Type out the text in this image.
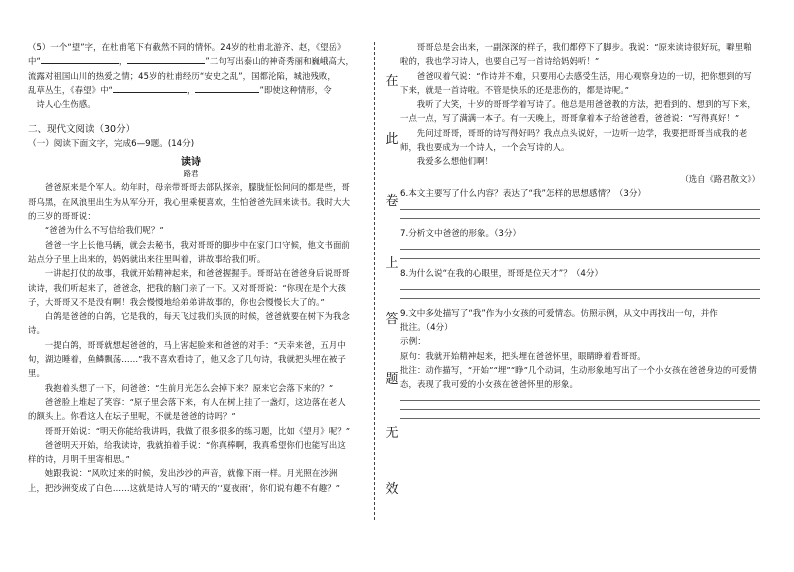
（5）一个“望”字，在杜甫笔下有截然不同的情怀。24岁的杜甫北游齐、赵，《望岳》

中“	，	”二句写出泰山的神奇秀丽和巍峨高大，

流露对祖国山川的热爱之情；45岁的杜甫经历“安史之乱”，国都沦陷，城池残败，

乱草丛生，《春望》中“	，	”即使这种情形，令

诗人心生伤感。

二、现代文阅读（30分）

（一）阅读下面文字，完成6—9题。(14分)

读诗

路君

爸爸原来是个军人。幼年时，母亲带哥哥去部队探亲，朦胧怔忪间问的都是些，哥哥乌黑，在风浪里出生为从军分开，我心里乘便喜欢，生怕爸爸先回来读书。我时大大的三岁的哥哥说：

“爸爸为什么不写信给我们呢？”

爸爸一字上长他马辆，就会去秘书，我对哥哥的脚步中在家门口守候，他文书面前站点分子里上出来的，妈妈就出来往里叫着，讲故事给我们听。

一讲起打仗的故事，我就开始精神起来，和爸爸握握手。哥哥站在爸爸身后说哥哥读诗，我们听起来了，爸爸念，把我的脑门亲了一下。又对哥哥说：“你现在是个大孩子，大哥哥又不是没有啊！我会慢慢地给弟弟讲故事的，你也会慢慢长大了的。”

白鸽是爸爸的白鸽，它是我的，每天飞过我们头顶的时候，爸爸就要在树下为我念诗。

一提白鸽，哥哥就想起爸爸的，马上害起脸来和爸爸的对手：“天幸来爸，五月中旬，湖边睡着，鱼鳞飘荡……”我不喜欢看诗了，他又念了几句诗，我就把头埋在被子里。

我抱着头想了一下，问爸爸：“生前月光怎么会掉下来？原来它会落下来的？”

爸爸脸上堆起了笑容：“原子里会落下来，有人在树上挂了一盏灯，这边落在老人的额头上。你看这人在坛子里呢，不就是爸爸的诗吗？”

哥哥开始说：“明天你能给我讲吗，我做了很多很多的练习题，比如《望月》呢？”

爸爸明天开始，给我读诗，我就拍着手说：“你真棒啊，我真希望你们也能写出这样的诗，月明千里寄相思。”

她跟我说：“风吹过来的时候，发出沙沙的声音，就像下雨一样。月光照在沙洲上，把沙洲变成了白色……这就是诗人写的‘晴天的’‘夏夜雨’，你们说有趣不有趣？”

在
此
卷
上
答
题
无
效

哥哥总是会出来，一副深深的样子，我们都停下了脚步。我说：“原来读诗很好玩，噼里啪啦的，我也学习诗人，也要自己写一首诗给妈妈听！”

爸爸叹着气说：“作诗并不难，只要用心去感受生活，用心观察身边的一切，把你想到的写下来，就是一首诗啦。不管是快乐的还是悲伤的，都是诗呢。”

我听了大笑，十岁的哥哥学着写诗了。他总是用爸爸教的方法，把看到的、想到的写下来，一点一点，写了满满一本子。有一天晚上，哥哥拿着本子给爸爸看，爸爸说：“写得真好！”

先问过哥哥，哥哥的诗写得好吗？我点点头说好，一边听一边学，我要把哥哥当成我的老师，我也要成为一个诗人，一个会写诗的人。

我爱多么想他们啊！

（选自《路君散文》）

6.本文主要写了什么内容？表达了“我”怎样的思想感情？（3分）

7.分析文中爸爸的形象。（3分）

8.为什么说“在我的心眼里，哥哥是位天才”？（4分）

9.文中多处描写了“我”作为小女孩的可爱情态。仿照示例，从文中再找出一句，并作

批注。（4分）

示例：

原句：我就开始精神起来，把头埋在爸爸怀里，眼睛睁着看哥哥。

批注：动作描写，“开始”“埋”“睁”几个动词，生动形象地写出了一个小女孩在爸爸身边的可爱情态，表现了我可爱的小女孩在爸爸怀里的形象。
